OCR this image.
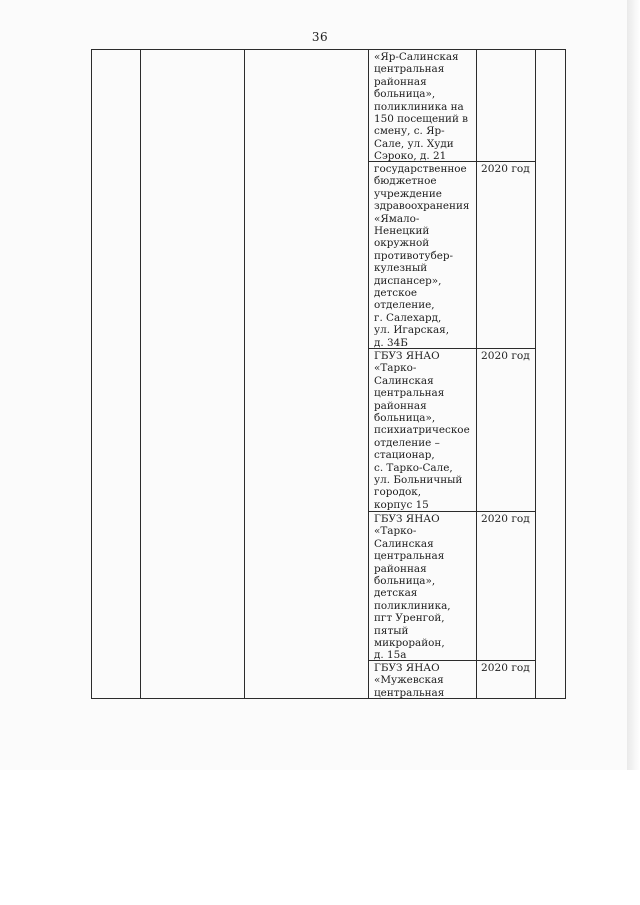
36
«Яр-Салинская
центральная
районная
больница»,
поликлиника на
150 посещений в
смену, с. Яр-
Сале, ул. Худи
Сэроко, д. 21
государственное
бюджетное
учреждение
здравоохранения
«Ямало-
Ненецкий
окружной
противотубер-
кулезный
диспансер»,
детское
отделение,
г. Салехард,
ул. Игарская,
д. 34Б
2020 год
ГБУЗ ЯНАО
«Тарко-
Салинская
центральная
районная
больница»,
психиатрическое
отделение –
стационар,
с. Тарко-Сале,
ул. Больничный
городок,
корпус 15
2020 год
ГБУЗ ЯНАО
«Тарко-
Салинская
центральная
районная
больница»,
детская
поликлиника,
пгт Уренгой,
пятый
микрорайон,
д. 15а
2020 год
ГБУЗ ЯНАО
«Мужевская
центральная
2020 год
